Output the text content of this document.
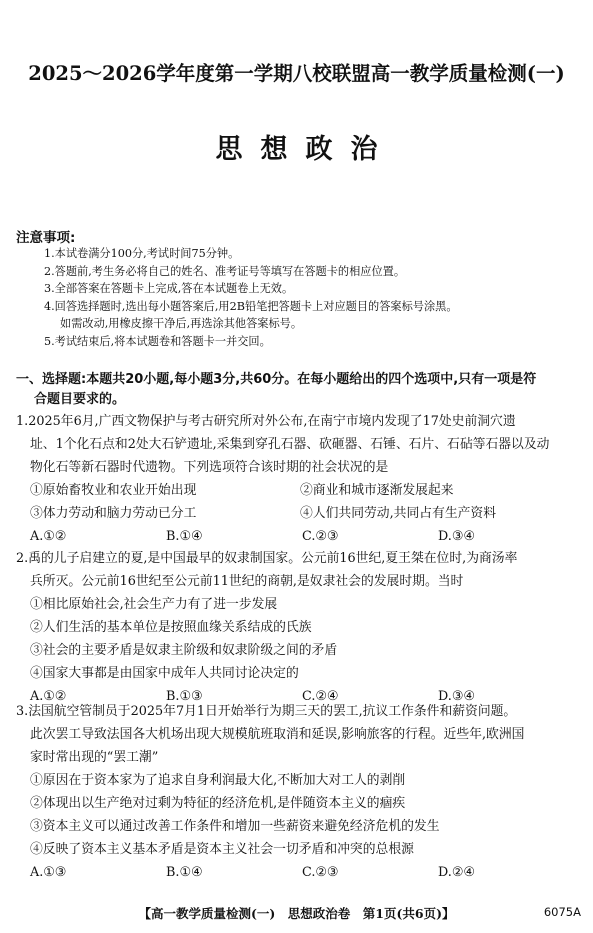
2025～2026学年度第一学期八校联盟高一教学质量检测(一)
思想政治
注意事项:
1.本试卷满分100分,考试时间75分钟。
2.答题前,考生务必将自己的姓名、准考证号等填写在答题卡的相应位置。
3.全部答案在答题卡上完成,答在本试题卷上无效。
4.回答选择题时,选出每小题答案后,用2B铅笔把答题卡上对应题目的答案标号涂黑。
如需改动,用橡皮擦干净后,再选涂其他答案标号。
5.考试结束后,将本试题卷和答题卡一并交回。
一、选择题:本题共20小题,每小题3分,共60分。在每小题给出的四个选项中,只有一项是符
合题目要求的。
1.2025年6月,广西文物保护与考古研究所对外公布,在南宁市境内发现了17处史前洞穴遗
址、1个化石点和2处大石铲遗址,采集到穿孔石器、砍砸器、石锤、石片、石砧等石器以及动
物化石等新石器时代遗物。下列选项符合该时期的社会状况的是
①原始畜牧业和农业开始出现	②商业和城市逐渐发展起来
③体力劳动和脑力劳动已分工	④人们共同劳动,共同占有生产资料
A.①②	B.①④	C.②③	D.③④
2.禹的儿子启建立的夏,是中国最早的奴隶制国家。公元前16世纪,夏王桀在位时,为商汤率
兵所灭。公元前16世纪至公元前11世纪的商朝,是奴隶社会的发展时期。当时
①相比原始社会,社会生产力有了进一步发展
②人们生活的基本单位是按照血缘关系结成的氏族
③社会的主要矛盾是奴隶主阶级和奴隶阶级之间的矛盾
④国家大事都是由国家中成年人共同讨论决定的
A.①②	B.①③	C.②④	D.③④
3.法国航空管制员于2025年7月1日开始举行为期三天的罢工,抗议工作条件和薪资问题。
此次罢工导致法国各大机场出现大规模航班取消和延误,影响旅客的行程。近些年,欧洲国
家时常出现的“罢工潮”
①原因在于资本家为了追求自身利润最大化,不断加大对工人的剥削
②体现出以生产绝对过剩为特征的经济危机,是伴随资本主义的痼疾
③资本主义可以通过改善工作条件和增加一些薪资来避免经济危机的发生
④反映了资本主义基本矛盾是资本主义社会一切矛盾和冲突的总根源
A.①③	B.①④	C.②③	D.②④
【高一教学质量检测(一)　思想政治卷　第1页(共6页)】	6075A
